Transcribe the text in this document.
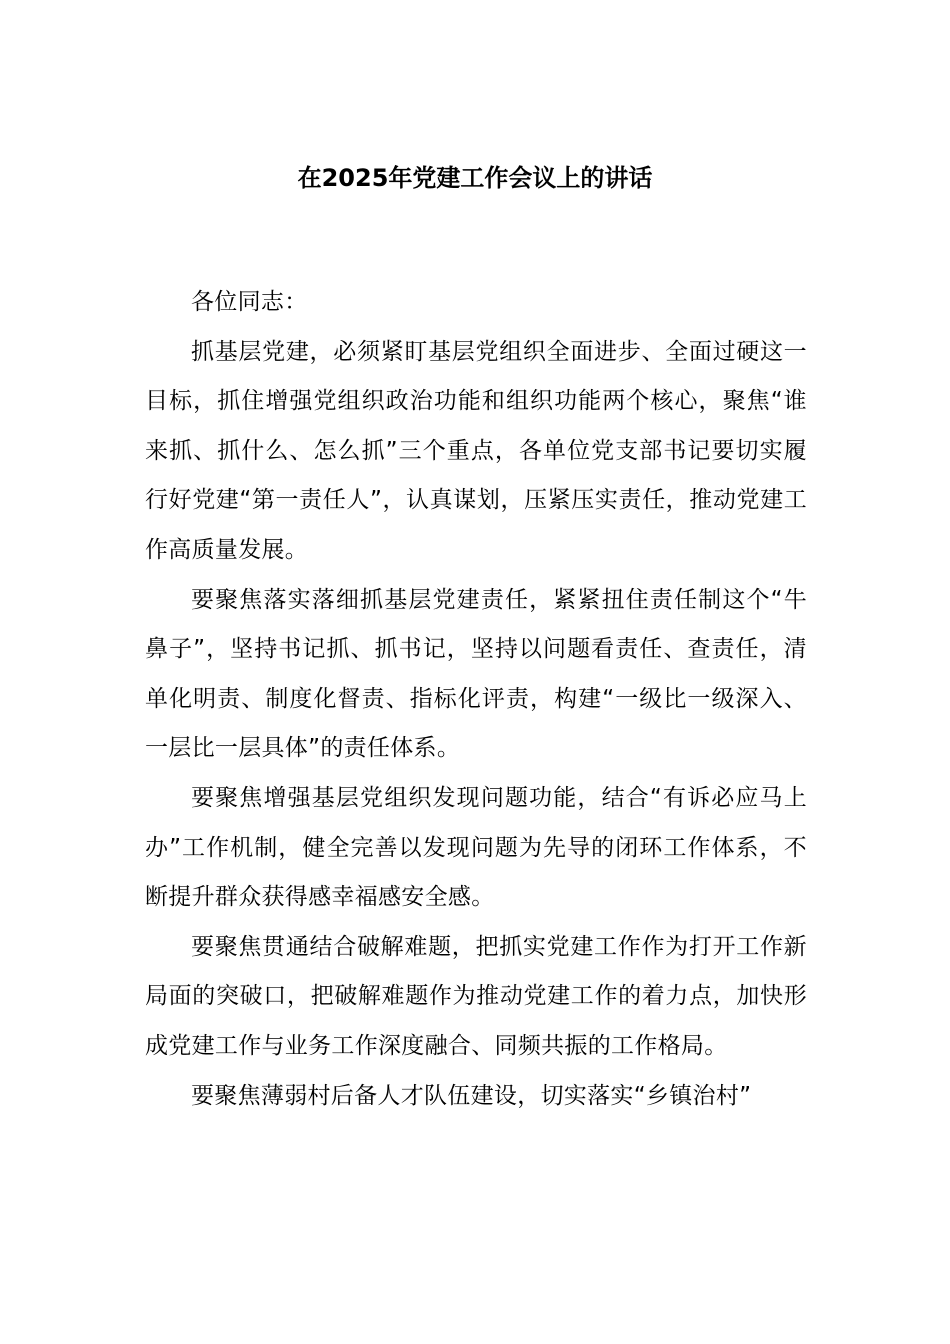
在2025年党建工作会议上的讲话

各位同志：

抓基层党建，必须紧盯基层党组织全面进步、全面过硬这一目标，抓住增强党组织政治功能和组织功能两个核心，聚焦“谁来抓、抓什么、怎么抓”三个重点，各单位党支部书记要切实履行好党建“第一责任人”，认真谋划，压紧压实责任，推动党建工作高质量发展。

要聚焦落实落细抓基层党建责任，紧紧扭住责任制这个“牛鼻子”，坚持书记抓、抓书记，坚持以问题看责任、查责任，清单化明责、制度化督责、指标化评责，构建“一级比一级深入、一层比一层具体”的责任体系。

要聚焦增强基层党组织发现问题功能，结合“有诉必应马上办”工作机制，健全完善以发现问题为先导的闭环工作体系，不断提升群众获得感幸福感安全感。

要聚焦贯通结合破解难题，把抓实党建工作作为打开工作新局面的突破口，把破解难题作为推动党建工作的着力点，加快形成党建工作与业务工作深度融合、同频共振的工作格局。

要聚焦薄弱村后备人才队伍建设，切实落实“乡镇治村”
